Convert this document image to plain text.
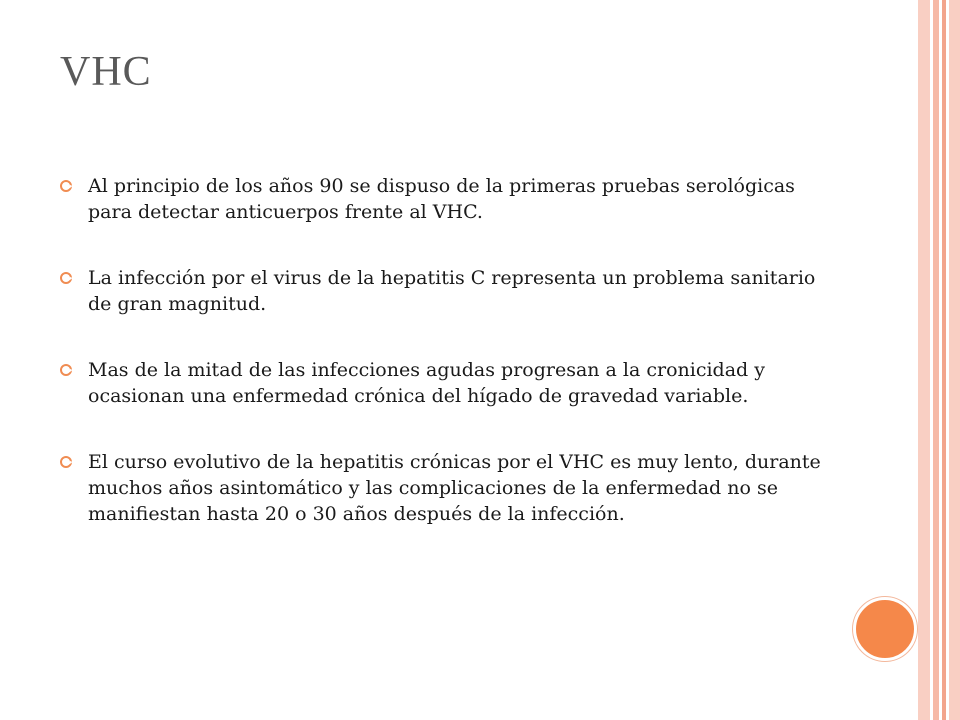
VHC
Al principio de los años 90 se dispuso de la primeras pruebas serológicas para detectar anticuerpos frente al VHC.
La infección por el virus de la hepatitis C representa un problema sanitario de gran magnitud.
Mas de la mitad de las infecciones agudas progresan a la cronicidad y ocasionan una enfermedad crónica del hígado de gravedad variable.
El curso evolutivo de la hepatitis crónicas por el VHC es muy lento, durante muchos años asintomático y las complicaciones de la enfermedad no se manifiestan hasta 20 o 30 años después de la infección.
